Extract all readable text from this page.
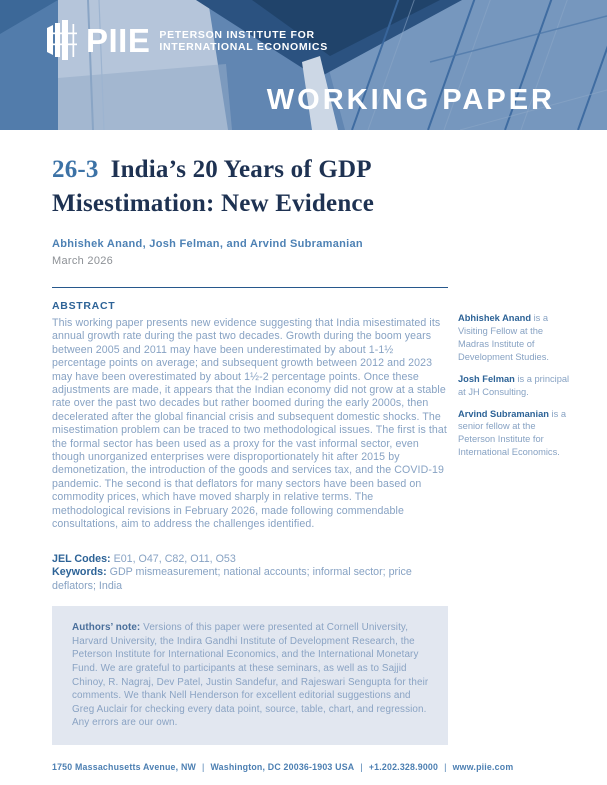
PIIE PETERSON INSTITUTE FOR
INTERNATIONAL ECONOMICS
WORKING PAPER
26-3 India’s 20 Years of GDP Misestimation: New Evidence
Abhishek Anand, Josh Felman, and Arvind Subramanian
March 2026
ABSTRACT
This working paper presents new evidence suggesting that India misestimated its annual growth rate during the past two decades. Growth during the boom years between 2005 and 2011 may have been underestimated by about 1-1½ percentage points on average; and subsequent growth between 2012 and 2023 may have been overestimated by about 1½-2 percentage points. Once these adjustments are made, it appears that the Indian economy did not grow at a stable rate over the past two decades but rather boomed during the early 2000s, then decelerated after the global financial crisis and subsequent domestic shocks. The misestimation problem can be traced to two methodological issues. The first is that the formal sector has been used as a proxy for the vast informal sector, even though unorganized enterprises were disproportionately hit after 2015 by demonetization, the introduction of the goods and services tax, and the COVID-19 pandemic. The second is that deflators for many sectors have been based on commodity prices, which have moved sharply in relative terms. The methodological revisions in February 2026, made following commendable consultations, aim to address the challenges identified.
JEL Codes: E01, O47, C82, O11, O53
Keywords: GDP mismeasurement; national accounts; informal sector; price deflators; India
Authors’ note: Versions of this paper were presented at Cornell University, Harvard University, the Indira Gandhi Institute of Development Research, the Peterson Institute for International Economics, and the International Monetary Fund. We are grateful to participants at these seminars, as well as to Sajjid Chinoy, R. Nagraj, Dev Patel, Justin Sandefur, and Rajeswari Sengupta for their comments. We thank Nell Henderson for excellent editorial suggestions and Greg Auclair for checking every data point, source, table, chart, and regression. Any errors are our own.

Abhishek Anand is a Visiting Fellow at the Madras Institute of Development Studies.

Josh Felman is a principal at JH Consulting.

Arvind Subramanian is a senior fellow at the Peterson Institute for International Economics.

1750 Massachusetts Avenue, NW | Washington, DC 20036-1903 USA | +1.202.328.9000 | www.piie.com
